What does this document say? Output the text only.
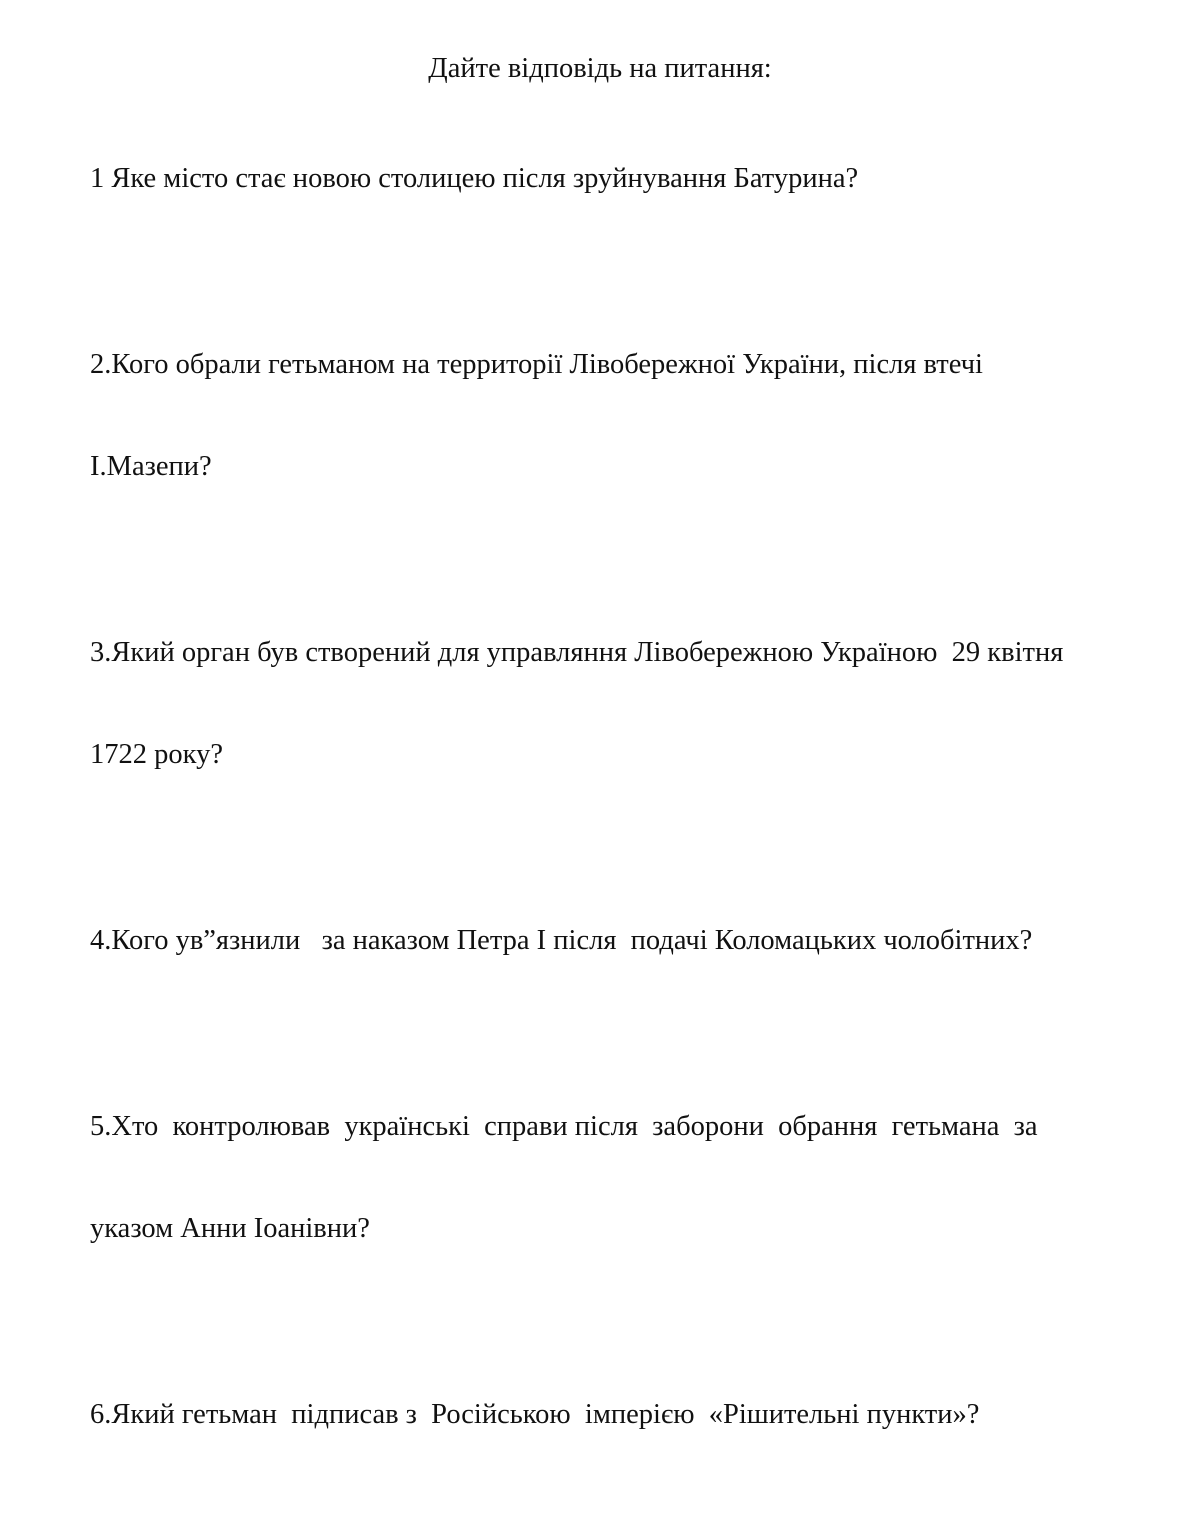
Дайте відповідь на питання:

1 Яке місто стає новою столицею після зруйнування Батурина?

2.Кого обрали гетьманом на территорії Лівобережної України, після втечі

І.Мазепи?

3.Який орган був створений для управляння Лівобережною Україною  29 квітня

1722 року?

4.Кого ув”язнили   за наказом Петра І після  подачі Коломацьких чолобітних?

5.Хто  контролював  українські  справи після  заборони  обрання  гетьмана  за

указом Анни Іоанівни?

6.Який гетьман  підписав з  Російською  імперією  «Рішительні пункти»?
